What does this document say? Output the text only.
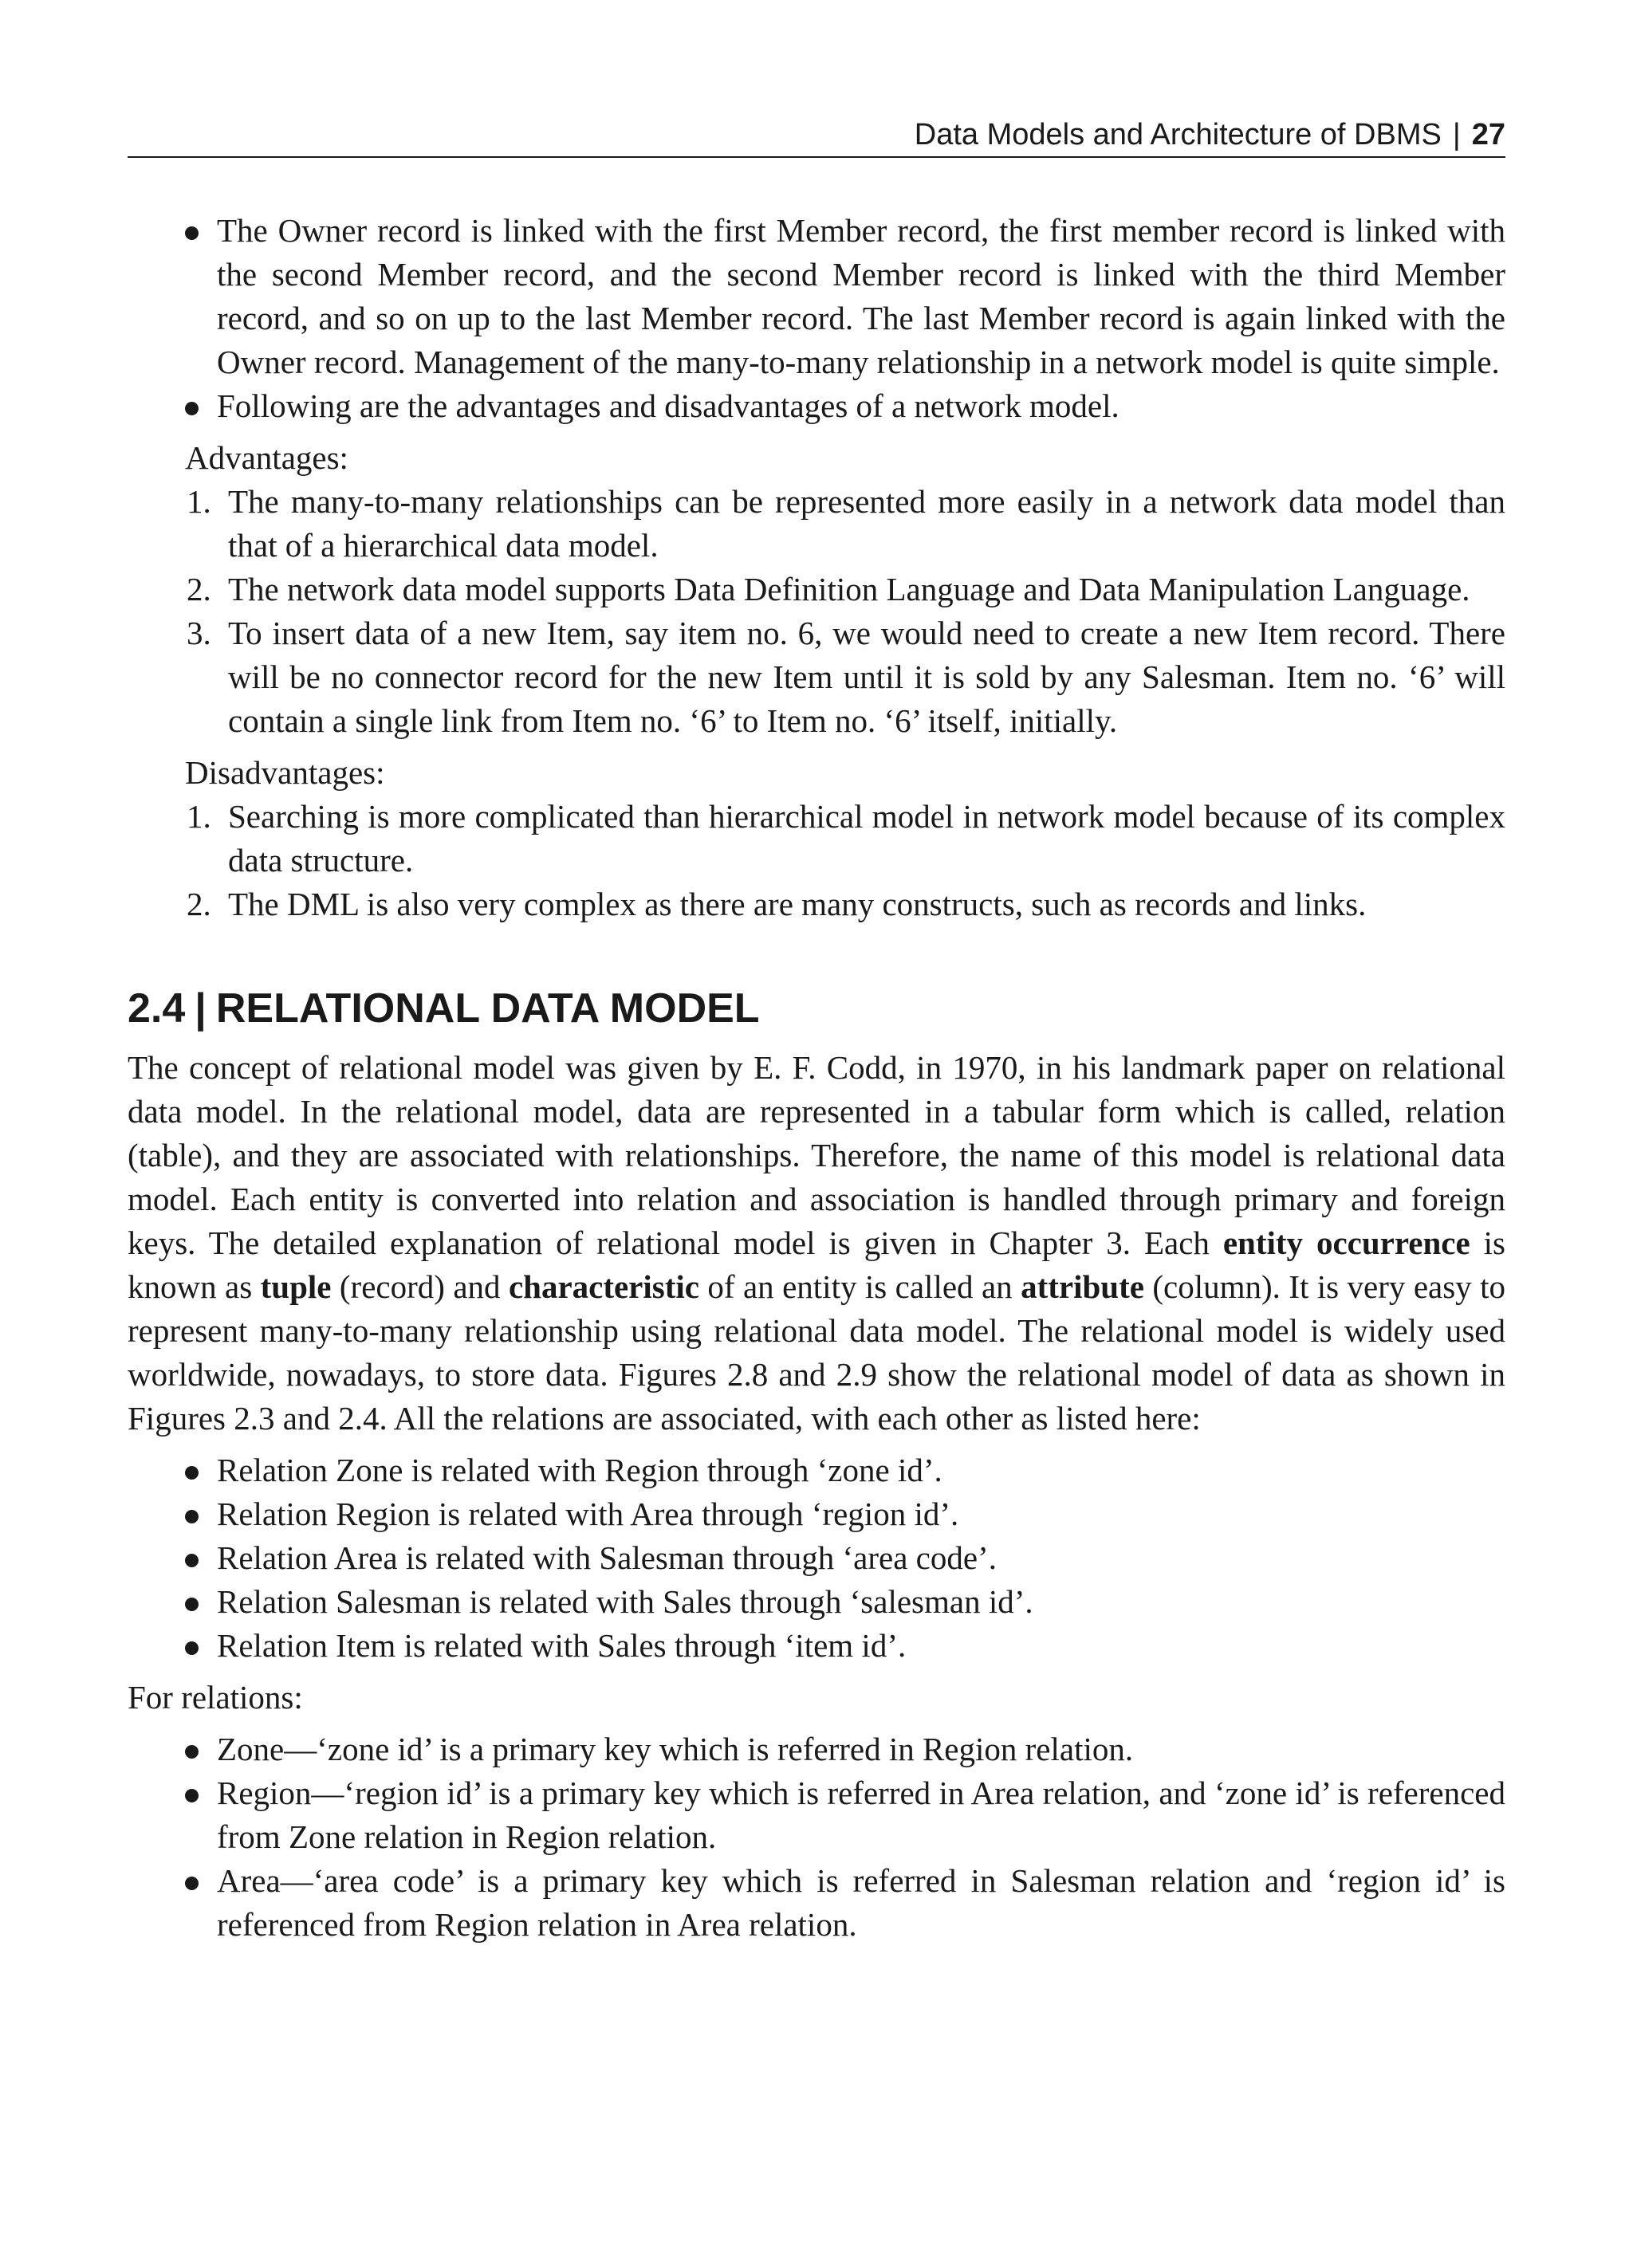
Data Models and Architecture of DBMS | 27
The Owner record is linked with the first Member record, the first member record is linked with the second Member record, and the second Member record is linked with the third Member record, and so on up to the last Member record. The last Member record is again linked with the Owner record. Management of the many-to-many relationship in a network model is quite simple.
Following are the advantages and disadvantages of a network model.

Advantages:

1. The many-to-many relationships can be represented more easily in a network data model than that of a hierarchical data model.
2. The network data model supports Data Definition Language and Data Manipulation Language.
3. To insert data of a new Item, say item no. 6, we would need to create a new Item record. There will be no connector record for the new Item until it is sold by any Salesman. Item no. ‘6’ will contain a single link from Item no. ‘6’ to Item no. ‘6’ itself, initially.

Disadvantages:

1. Searching is more complicated than hierarchical model in network model because of its complex data structure.
2. The DML is also very complex as there are many constructs, such as records and links.
2.4 | RELATIONAL DATA MODEL

The concept of relational model was given by E. F. Codd, in 1970, in his landmark paper on relational data model. In the relational model, data are represented in a tabular form which is called, relation (table), and they are associated with relationships. Therefore, the name of this model is relational data model. Each entity is converted into relation and association is handled through primary and foreign keys. The detailed explanation of relational model is given in Chapter 3. Each entity occurrence is known as tuple (record) and characteristic of an entity is called an attribute (column). It is very easy to represent many-to-many relationship using relational data model. The relational model is widely used worldwide, nowadays, to store data. Figures 2.8 and 2.9 show the relational model of data as shown in Figures 2.3 and 2.4. All the relations are associated, with each other as listed here:

Relation Zone is related with Region through ‘zone id’.
Relation Region is related with Area through ‘region id’.
Relation Area is related with Salesman through ‘area code’.
Relation Salesman is related with Sales through ‘salesman id’.
Relation Item is related with Sales through ‘item id’.

For relations:

Zone—‘zone id’ is a primary key which is referred in Region relation.
Region—‘region id’ is a primary key which is referred in Area relation, and ‘zone id’ is referenced from Zone relation in Region relation.
Area—‘area code’ is a primary key which is referred in Salesman relation and ‘region id’ is referenced from Region relation in Area relation.
